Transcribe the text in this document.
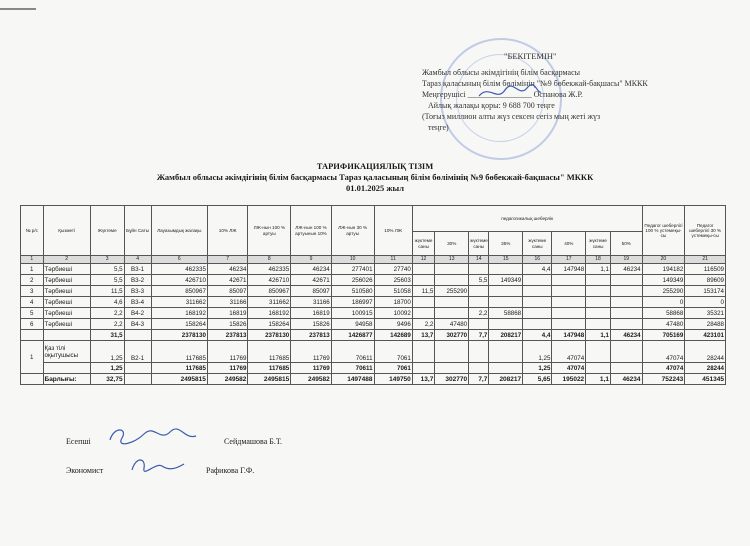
"БЕКІТЕМІН"
Жамбыл облысы әкімдігінің білім басқармасы
Тараз қаласының білім бөлімінің "№9 бөбекжай-бақшасы" МККК
Меңгерушісі ________________ Оспанова Ж.Р.
Айлық жалақы қоры: 9 688 700 теңге
(Тоғыз миллион алты жүз сексен сегіз мың жеті жүз
теңге)
ТАРИФИКАЦИЯЛЫҚ ТІЗІМ
Жамбыл облысы әкімдігінің білім басқармасы Тараз қаласының білім бөлімінің №9 бөбекжай-бақшасы" МККК
01.01.2025 жыл
№ р/с	Қызметі	Жүктеме	Бұйн Саты	Лауазымдық жалақы	10% ЛЖ	ЛЖ-нын 100 % артуы	ЛЖ-нын 100 % артуынын 10%	ЛЖ-нын 30 % артуы	10% ЛЖ	педагогикалық шеберлік								Педагог шеберлігі 100 % үстемеқы-сы	Педагог шеберлігі 30 % үстемеқы-сы
										жүктеме саны	30%	жүктеме саны	35%	жүктеме саны	40%	жүктеме саны	50%		
1	2	3	4	6	7	8	9	10	11	12	13	14	15	16	17	18	19	20	21
1	Тәрбиеші	5,5	В3-1	462335	46234	462335	46234	277401	27740					4,4	147948	1,1	46234	194182	116509
2	Тәрбиеші	5,5	В3-2	426710	42671	426710	42671	256026	25603			5,5	149349					149349	89609
3	Тәрбиеші	11,5	В3-3	850967	85097	850967	85097	510580	51058	11,5	255290							255290	153174
4	Тәрбиеші	4,6	В3-4	311662	31166	311662	31166	186997	18700									0	0
5	Тәрбиеші	2,2	В4-2	168192	16819	168192	16819	100915	10092			2,2	58868					58868	35321
6	Тәрбиеші	2,2	В4-3	158264	15826	158264	15826	94958	9496	2,2	47480							47480	28488
		31,5		2378130	237813	2378130	237813	1426877	142689	13,7	302770	7,7	208217	4,4	147948	1,1	46234	705169	423101
1	Қаз тілі оқытушысы	1,25	В2-1	117685	11769	117685	11769	70611	7061					1,25	47074			47074	28244
		1,25		117685	11769	117685	11769	70611	7061					1,25	47074			47074	28244
	Барлығы:	32,75		2495815	249582	2495815	249582	1497488	149750	13,7	302770	7,7	208217	5,65	195022	1,1	46234	752243	451345
Есепші	Сейдмашова Б.Т.
Экономист	Рафикова Г.Ф.
